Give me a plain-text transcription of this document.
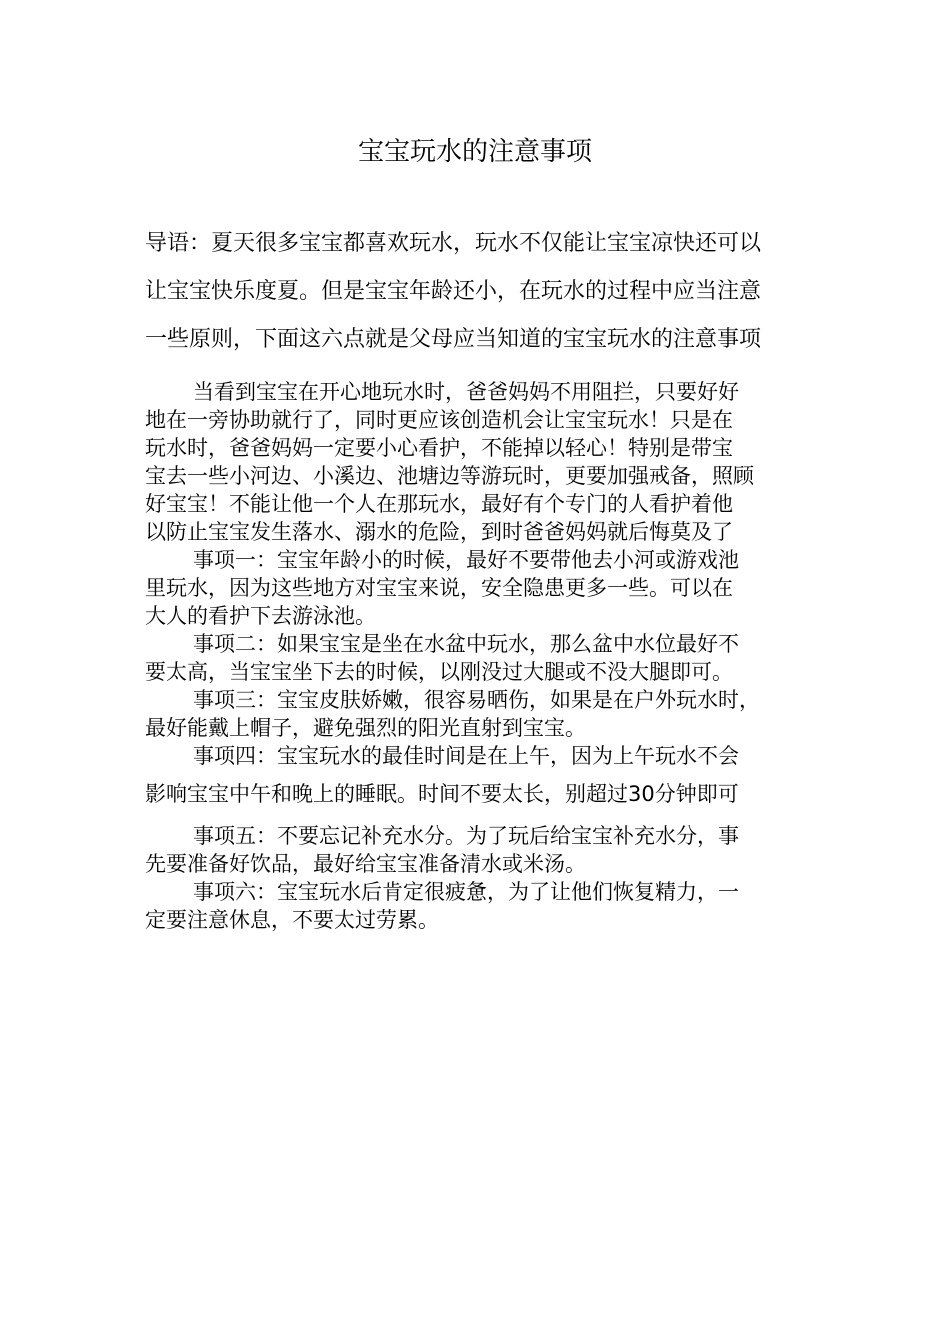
宝宝玩水的注意事项
导语：夏天很多宝宝都喜欢玩水，玩水不仅能让宝宝凉快还可以
让宝宝快乐度夏。但是宝宝年龄还小，在玩水的过程中应当注意
一些原则，下面这六点就是父母应当知道的宝宝玩水的注意事项
当看到宝宝在开心地玩水时，爸爸妈妈不用阻拦，只要好好
地在一旁协助就行了，同时更应该创造机会让宝宝玩水！只是在
玩水时，爸爸妈妈一定要小心看护，不能掉以轻心！特别是带宝
宝去一些小河边、小溪边、池塘边等游玩时，更要加强戒备，照顾
好宝宝！不能让他一个人在那玩水，最好有个专门的人看护着他
以防止宝宝发生落水、溺水的危险，到时爸爸妈妈就后悔莫及了
事项一：宝宝年龄小的时候，最好不要带他去小河或游戏池
里玩水，因为这些地方对宝宝来说，安全隐患更多一些。可以在
大人的看护下去游泳池。
事项二：如果宝宝是坐在水盆中玩水，那么盆中水位最好不
要太高，当宝宝坐下去的时候，以刚没过大腿或不没大腿即可。
事项三：宝宝皮肤娇嫩，很容易晒伤，如果是在户外玩水时，
最好能戴上帽子，避免强烈的阳光直射到宝宝。
事项四：宝宝玩水的最佳时间是在上午，因为上午玩水不会
影响宝宝中午和晚上的睡眠。时间不要太长，别超过30分钟即可
事项五：不要忘记补充水分。为了玩后给宝宝补充水分，事
先要准备好饮品，最好给宝宝准备清水或米汤。
事项六：宝宝玩水后肯定很疲惫，为了让他们恢复精力，一
定要注意休息，不要太过劳累。
